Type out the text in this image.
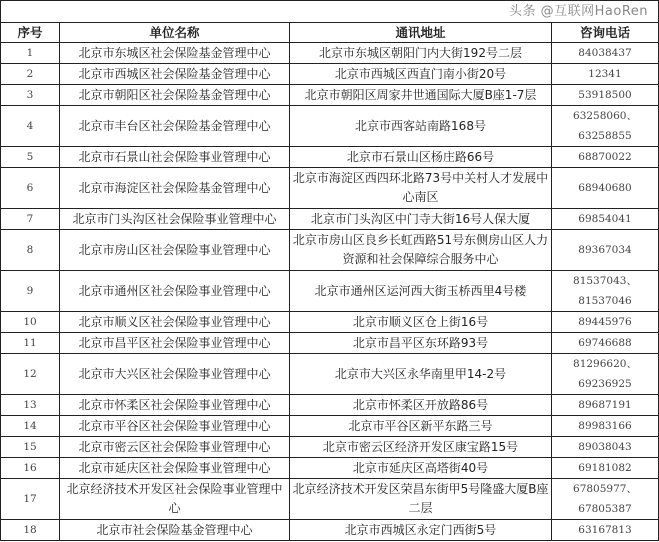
头条 @互联网HaoRen			
序号	单位名称	通讯地址	咨询电话
1	北京市东城区社会保险基金管理中心	北京市东城区朝阳门内大街192号二层	84038437
2	北京市西城区社会保险基金管理中心	北京市西城区西直门南小街20号	12341
3	北京市朝阳区社会保险基金管理中心	北京市朝阳区周家井世通国际大厦B座1-7层	53918500
4	北京市丰台区社会保险基金管理中心	北京市西客站南路168号	63258060、63258855
5	北京市石景山社会保险事业管理中心	北京市石景山区杨庄路66号	68870022
6	北京市海淀区社会保险基金管理中心	北京市海淀区西四环北路73号中关村人才发展中心南区	68940680
7	北京市门头沟区社会保险事业管理中心	北京市门头沟区中门寺大街16号人保大厦	69854041
8	北京市房山区社会保险事业管理中心	北京市房山区良乡长虹西路51号东侧房山区人力资源和社会保障综合服务中心	89367034
9	北京市通州区社会保险事业管理中心	北京市通州区运河西大街玉桥西里4号楼	81537043、81537046
10	北京市顺义区社会保险事业管理中心	北京市顺义区仓上街16号	89445976
11	北京市昌平区社会保险事业管理中心	北京市昌平区东环路93号	69746688
12	北京市大兴区社会保险事业管理中心	北京市大兴区永华南里甲14-2号	81296620、69236925
13	北京市怀柔区社会保险事业管理中心	北京市怀柔区开放路86号	89687191
14	北京市平谷区社会保险事业管理中心	北京市平谷区新平东路三号	89983166
15	北京市密云区社会保险事业管理中心	北京市密云区经济开发区康宝路15号	89038043
16	北京市延庆区社会保险事业管理中心	北京市延庆区高塔街40号	69181082
17	北京经济技术开发区社会保险事业管理中心	北京经济技术开发区荣昌东街甲5号隆盛大厦B座二层	67805977、67805387
18	北京市社会保险基金管理中心	北京市西城区永定门西街5号	63167813
